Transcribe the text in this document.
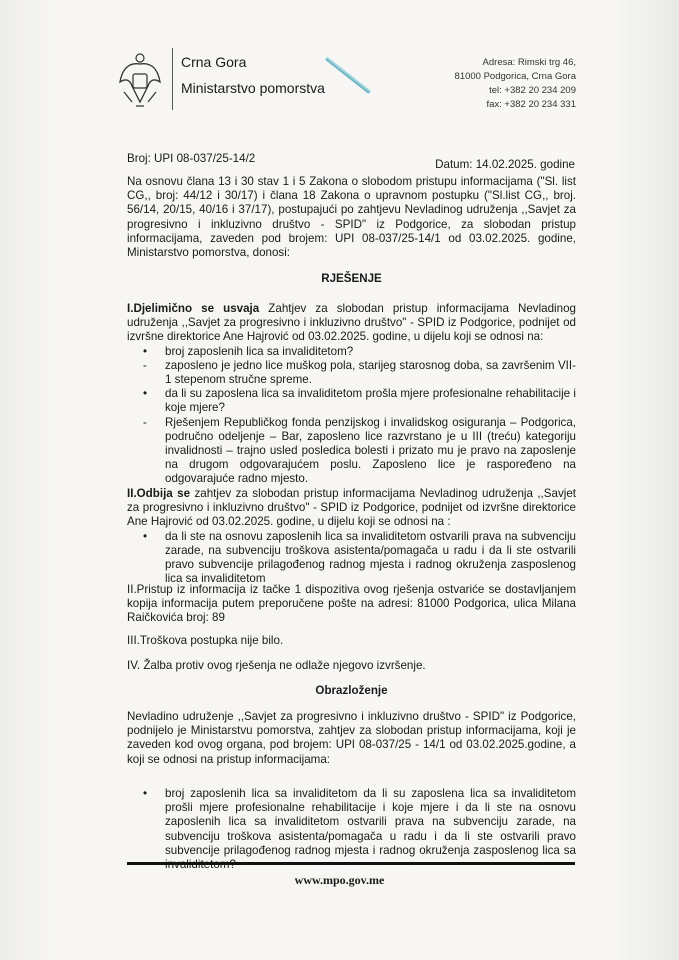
Crna Gora
Ministarstvo pomorstva
Adresa: Rimski trg 46,
81000 Podgorica, Crna Gora
tel: +382 20 234 209
fax: +382 20 234 331
Broj: UPI 08-037/25-14/2	Datum: 14.02.2025. godine
Na osnovu člana 13 i 30 stav 1 i 5 Zakona o slobodom pristupu informacijama ("Sl. list CG,, broj: 44/12 i 30/17) i člana 18 Zakona o upravnom postupku ("Sl.list CG,, broj. 56/14, 20/15, 40/16 i 37/17), postupajući po zahtjevu Nevladinog udruženja ,,Savjet za progresivno i inkluzivno društvo - SPID" iz Podgorice, za slobodan pristup informacijama, zaveden pod brojem: UPI 08-037/25-14/1 od 03.02.2025. godine, Ministarstvo pomorstva, donosi:
RJEŠENJE
I.Djelimično se usvaja Zahtjev za slobodan pristup informacijama Nevladinog udruženja ,,Savjet za progresivno i inkluzivno društvo" - SPID iz Podgorice, podnijet od izvršne direktorice Ane Hajrović od 03.02.2025. godine, u dijelu koji se odnosi na:
• broj zaposlenih lica sa invaliditetom?
- zaposleno je jedno lice muškog pola, starijeg starosnog doba, sa završenim VII-1 stepenom stručne spreme.
• da li su zaposlena lica sa invaliditetom prošla mjere profesionalne rehabilitacije i koje mjere?
- Rješenjem Republičkog fonda penzijskog i invalidskog osiguranja – Podgorica, područno odeljenje – Bar, zaposleno lice razvrstano je u III (treću) kategoriju invalidnosti – trajno usled posledica bolesti i prizato mu je pravo na zaposlenje na drugom odgovarajućem poslu. Zaposleno lice je raspoređeno na odgovarajuće radno mjesto.
II.Odbija se zahtjev za slobodan pristup informacijama Nevladinog udruženja ,,Savjet za progresivno i inkluzivno društvo" - SPID iz Podgorice, podnijet od izvršne direktorice Ane Hajrović od 03.02.2025. godine, u dijelu koji se odnosi na :
• da li ste na osnovu zaposlenih lica sa invaliditetom ostvarili prava na subvenciju zarade, na subvenciju troškova asistenta/pomagača u radu i da li ste ostvarili pravo subvencije prilagođenog radnog mjesta i radnog okruženja zasposlenog lica sa invaliditetom
II.Pristup iz informacija iz tačke 1 dispozitiva ovog rješenja ostvariće se dostavljanjem kopija informacija putem preporučene pošte na adresi: 81000 Podgorica, ulica Milana Raičkovića broj: 89
III.Troškova postupka nije bilo.
IV. Žalba protiv ovog rješenja ne odlaže njegovo izvršenje.
Obrazloženje
Nevladino udruženje ,,Savjet za progresivno i inkluzivno društvo - SPID" iz Podgorice, podnijelo je Ministarstvu pomorstva, zahtjev za slobodan pristup informacijama, koji je zaveden kod ovog organa, pod brojem: UPI 08-037/25 - 14/1 od 03.02.2025.godine, a koji se odnosi na pristup informacijama:
• broj zaposlenih lica sa invaliditetom da li su zaposlena lica sa invaliditetom prošli mjere profesionalne rehabilitacije i koje mjere i da li ste na osnovu zaposlenih lica sa invaliditetom ostvarili prava na subvenciju zarade, na subvenciju troškova asistenta/pomagača u radu i da li ste ostvarili pravo subvencije prilagođenog radnog mjesta i radnog okruženja zasposlenog lica sa
www.mpo.gov.me
